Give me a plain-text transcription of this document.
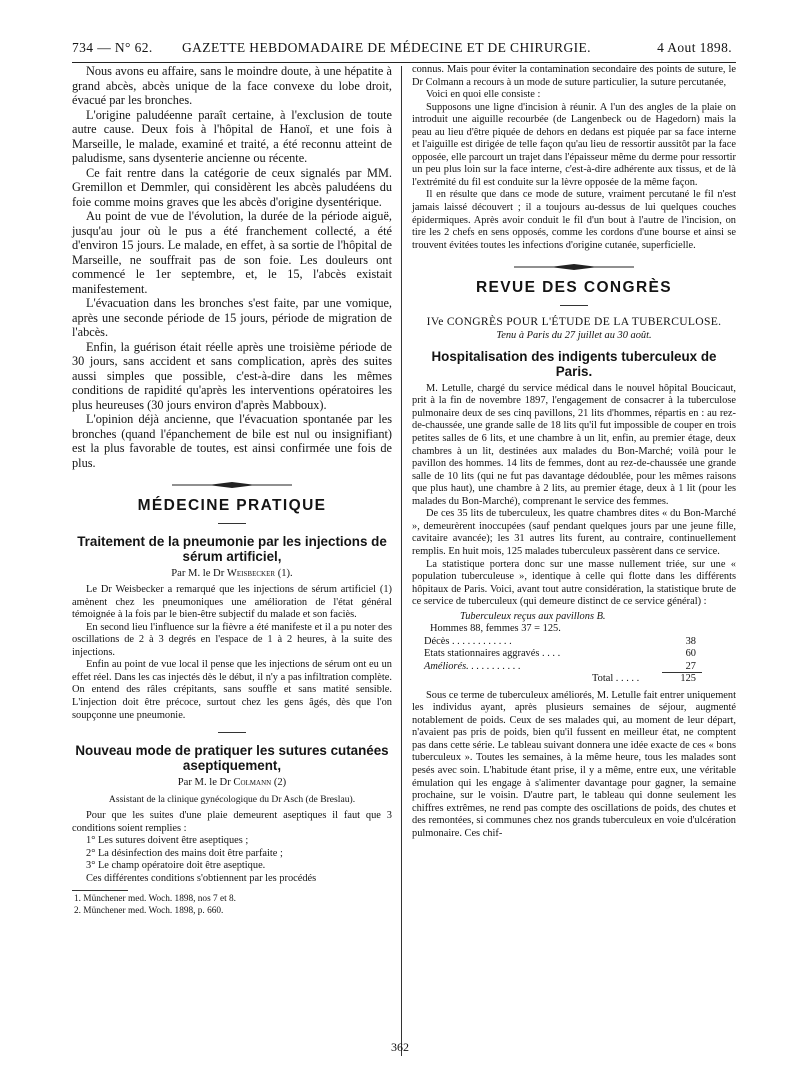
734 — N° 62. GAZETTE HEBDOMADAIRE DE MÉDECINE ET DE CHIRURGIE.	4 Aout 1898.

Nous avons eu affaire, sans le moindre doute, à une hépatite à grand abcès, abcès unique de la face convexe du lobe droit, évacué par les bronches.

L'origine paludéenne paraît certaine, à l'exclusion de toute autre cause. Deux fois à l'hôpital de Hanoï, et une fois à Marseille, le malade, examiné et traité, a été reconnu atteint de paludisme, sans dysenterie ancienne ou récente.

Ce fait rentre dans la catégorie de ceux signalés par MM. Gremillon et Demmler, qui considèrent les abcès paludéens du foie comme moins graves que les abcès d'origine dysentérique.

Au point de vue de l'évolution, la durée de la période aiguë, jusqu'au jour où le pus a été franchement collecté, a été d'environ 15 jours. Le malade, en effet, à sa sortie de l'hôpital de Marseille, ne souffrait pas de son foie. Les douleurs ont commencé le 1er septembre, et, le 15, l'abcès existait manifestement.

L'évacuation dans les bronches s'est faite, par une vomique, après une seconde période de 15 jours, période de migration de l'abcès.

Enfin, la guérison était réelle après une troisième période de 30 jours, sans accident et sans complication, après des suites aussi simples que possible, c'est-à-dire dans les mêmes conditions de rapidité qu'après les interventions opératoires les plus heureuses (30 jours environ d'après Mabboux).

L'opinion déjà ancienne, que l'évacuation spontanée par les bronches (quand l'épanchement de bile est nul ou insignifiant) est la plus favorable de toutes, est ainsi confirmée une fois de plus.

MÉDECINE PRATIQUE
Traitement de la pneumonie par les injections de sérum artificiel,
Par M. le Dr Weisbecker (1).

Le Dr Weisbecker a remarqué que les injections de sérum artificiel (1) amènent chez les pneumoniques une amélioration de l'état général témoignée à la fois par le bien-être subjectif du malade et son faciès.

En second lieu l'influence sur la fièvre a été manifeste et il a pu noter des oscillations de 2 à 3 degrés en l'espace de 1 à 2 heures, à la suite des injections.

Enfin au point de vue local il pense que les injections de sérum ont eu un effet réel. Dans les cas injectés dès le début, il n'y a pas infiltration complète. On entend des râles crépitants, sans souffle et sans matité sensible. L'injection doit être précoce, surtout chez les gens âgés, dès que l'on soupçonne une pneumonie.

Nouveau mode de pratiquer les sutures cutanées aseptiquement,
Par M. le Dr Colmann (2)
Assistant de la clinique gynécologique du Dr Asch (de Breslau).

Pour que les suites d'une plaie demeurent aseptiques il faut que 3 conditions soient remplies :

1° Les sutures doivent être aseptiques ;

2° La désinfection des mains doit être parfaite ;

3° Le champ opératoire doit être aseptique.

Ces différentes conditions s'obtiennent par les procédés

1. Münchener med. Woch. 1898, nos 7 et 8.
2. Münchener med. Woch. 1898, p. 660.

connus. Mais pour éviter la contamination secondaire des points de suture, le Dr Colmann a recours à un mode de suture particulier, la suture percutanée,

Voici en quoi elle consiste :

Supposons une ligne d'incision à réunir. A l'un des angles de la plaie on introduit une aiguille recourbée (de Langenbeck ou de Hagedorn) mais la peau au lieu d'être piquée de dehors en dedans est piquée par sa face interne et l'aiguille est dirigée de telle façon qu'au lieu de ressortir aussitôt par la face opposée, elle parcourt un trajet dans l'épaisseur même du derme pour ressortir un peu plus loin sur la face interne, c'est-à-dire adhérente aux tissus, et de là l'extrémité du fil est conduite sur la lèvre opposée de la même façon.

Il en résulte que dans ce mode de suture, vraiment percutané le fil n'est jamais laissé découvert ; il a toujours au-dessus de lui quelques couches épidermiques. Après avoir conduit le fil d'un bout à l'autre de l'incision, on tire les 2 chefs en sens opposés, comme les cordons d'une bourse et ainsi se trouvent évitées toutes les infections d'origine cutanée, superficielle.

REVUE DES CONGRÈS
IVe CONGRÈS POUR L'ÉTUDE DE LA TUBERCULOSE.
Tenu à Paris du 27 juillet au 30 août.
Hospitalisation des indigents tuberculeux de Paris.

M. Letulle, chargé du service médical dans le nouvel hôpital Boucicaut, prit à la fin de novembre 1897, l'engagement de consacrer à la tuberculose pulmonaire deux de ses cinq pavillons, 21 lits d'hommes, répartis en : au rez-de-chaussée, une grande salle de 18 lits qu'il fut impossible de couper en trois petites salles de 6 lits, et une chambre à un lit, enfin, au premier étage, deux chambres à un lit, destinées aux malades du Bon-Marché; voilà pour le pavillon des hommes. 14 lits de femmes, dont au rez-de-chaussée une grande salle de 10 lits (qui ne fut pas davantage dédoublée, pour les mêmes raisons que plus haut), une chambre à 2 lits, au premier étage, deux à 1 lit (pour les malades du Bon-Marché), comprenant le service des femmes.

De ces 35 lits de tuberculeux, les quatre chambres dites « du Bon-Marché », demeurèrent inoccupées (sauf pendant quelques jours par une jeune fille, cavitaire avancée); les 31 autres lits furent, au contraire, continuellement remplis. En huit mois, 125 malades tuberculeux passèrent dans ce service.

La statistique portera donc sur une masse nullement triée, sur une « population tuberculeuse », identique à celle qui flotte dans les différents hôpitaux de Paris. Voici, avant tout autre considération, la statistique brute de ce service de tuberculeux (qui demeure distinct de ce service général) :

Tuberculeux reçus aux pavillons B.
Hommes 88, femmes 37 = 125.
Décès . . . . . . . . . . . .	38
Etats stationnaires aggravés . . . .	60
Améliorés. . . . . . . . . . .	27
Total . . . . .	125

Sous ce terme de tuberculeux améliorés, M. Letulle fait entrer uniquement les individus ayant, après plusieurs semaines de séjour, augmenté notablement de poids. Ceux de ses malades qui, au moment de leur départ, n'avaient pas pris de poids, bien qu'il fussent en meilleur état, ne comptent pas dans cette série. Le tableau suivant donnera une idée exacte de ces « bons tuberculeux ». Toutes les semaines, à la même heure, tous les malades sont pesés avec soin. L'habitude étant prise, il y a même, entre eux, une véritable émulation qui les engage à s'alimenter davantage pour gagner, la semaine prochaine, sur le voisin. D'autre part, le tableau qui donne seulement les chiffres extrêmes, ne rend pas compte des oscillations de poids, des chutes et des remontées, si communes chez nos grands tuberculeux en voie d'ulcération pulmonaire. Ces chif-

362
